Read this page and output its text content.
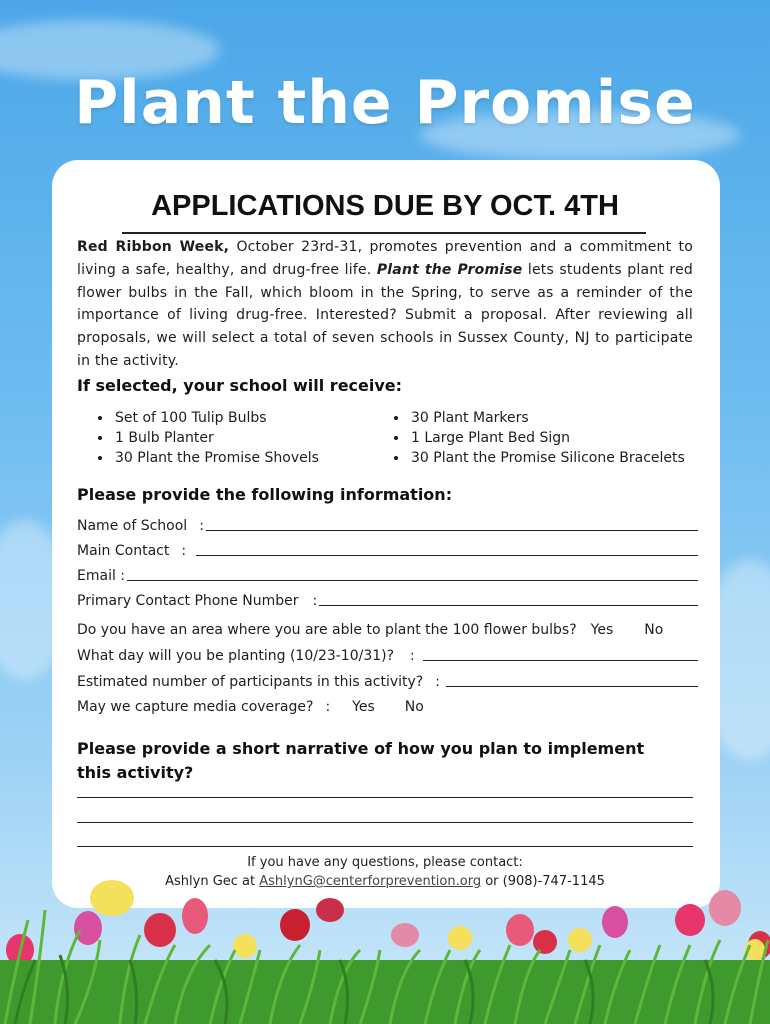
Plant the Promise
APPLICATIONS DUE BY OCT. 4TH
Red Ribbon Week, October 23rd-31, promotes prevention and a commitment to living a safe, healthy, and drug-free life. Plant the Promise lets students plant red flower bulbs in the Fall, which bloom in the Spring, to serve as a reminder of the importance of living drug-free. Interested? Submit a proposal. After reviewing all proposals, we will select a total of seven schools in Sussex County, NJ to participate in the activity.
If selected, your school will receive:
• Set of 100 Tulip Bulbs
• 1 Bulb Planter
• 30 Plant the Promise Shovels
• 30 Plant Markers
• 1 Large Plant Bed Sign
• 30 Plant the Promise Silicone Bracelets
Please provide the following information:
Name of School :
Main Contact :
Email :
Primary Contact Phone Number :
Do you have an area where you are able to plant the 100 flower bulbs? Yes No
What day will you be planting (10/23-10/31)? :
Estimated number of participants in this activity? :
May we capture media coverage? : Yes No
Please provide a short narrative of how you plan to implement this activity?
If you have any questions, please contact:
Ashlyn Gec at AshlynG@centerforprevention.org or (908)-747-1145
